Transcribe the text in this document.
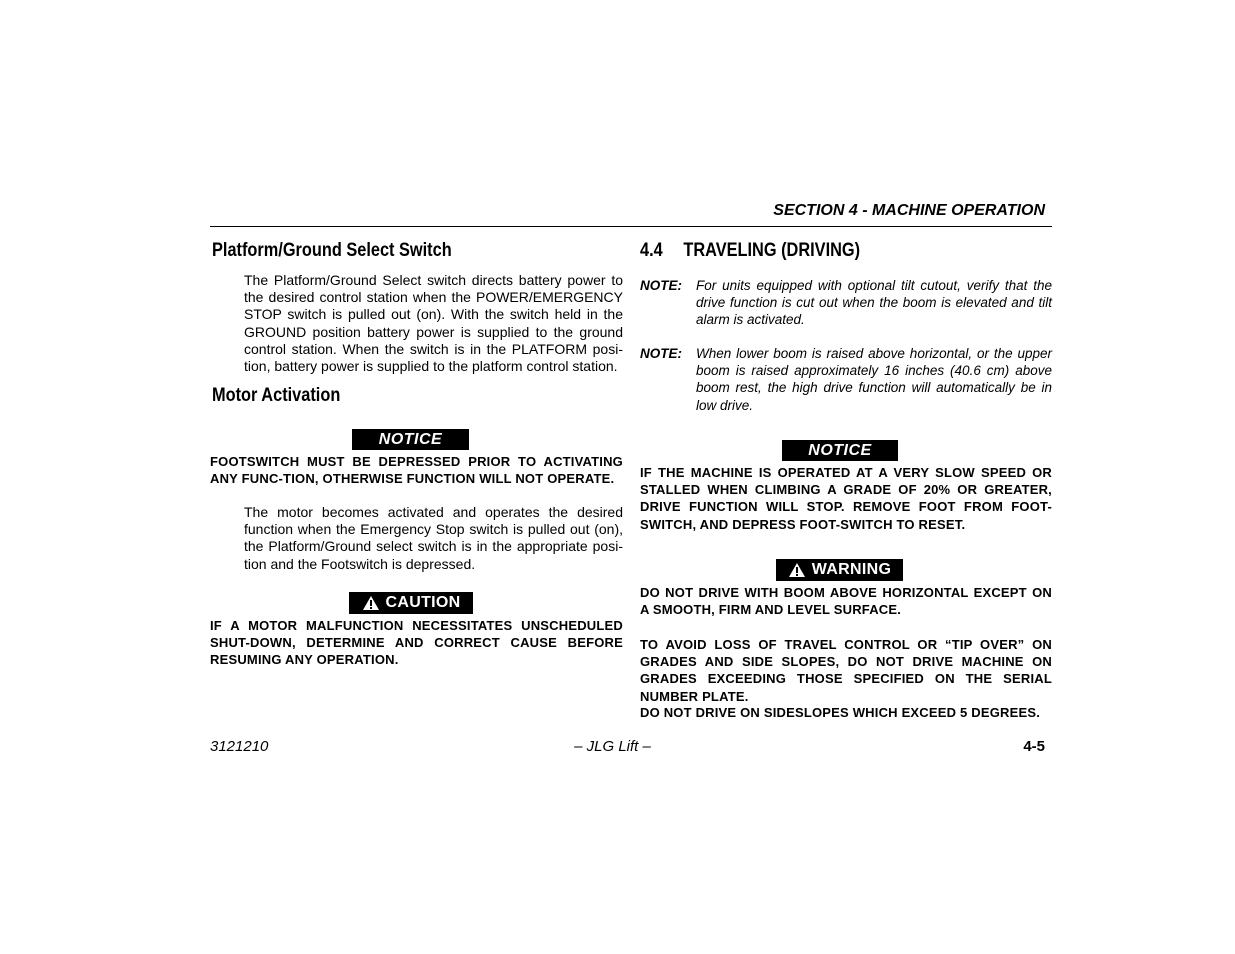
SECTION 4 - MACHINE OPERATION
Platform/Ground Select Switch
The Platform/Ground Select switch directs battery power to the desired control station when the POWER/EMERGENCY STOP switch is pulled out (on). With the switch held in the GROUND position battery power is supplied to the ground control station. When the switch is in the PLATFORM posi-tion, battery power is supplied to the platform control station.
Motor Activation
NOTICE
FOOTSWITCH MUST BE DEPRESSED PRIOR TO ACTIVATING ANY FUNC-TION, OTHERWISE FUNCTION WILL NOT OPERATE.
The motor becomes activated and operates the desired function when the Emergency Stop switch is pulled out (on), the Platform/Ground select switch is in the appropriate posi-tion and the Footswitch is depressed.
CAUTION
IF A MOTOR MALFUNCTION NECESSITATES UNSCHEDULED SHUT-DOWN, DETERMINE AND CORRECT CAUSE BEFORE RESUMING ANY OPERATION.
4.4 TRAVELING (DRIVING)
NOTE:	For units equipped with optional tilt cutout, verify that the drive function is cut out when the boom is elevated and tilt alarm is activated.
NOTE:	When lower boom is raised above horizontal, or the upper boom is raised approximately 16 inches (40.6 cm) above boom rest, the high drive function will automatically be in low drive.
NOTICE
IF THE MACHINE IS OPERATED AT A VERY SLOW SPEED OR STALLED WHEN CLIMBING A GRADE OF 20% OR GREATER, DRIVE FUNCTION WILL STOP. REMOVE FOOT FROM FOOT-SWITCH, AND DEPRESS FOOT-SWITCH TO RESET.
WARNING
DO NOT DRIVE WITH BOOM ABOVE HORIZONTAL EXCEPT ON A SMOOTH, FIRM AND LEVEL SURFACE.
TO AVOID LOSS OF TRAVEL CONTROL OR “TIP OVER” ON GRADES AND SIDE SLOPES, DO NOT DRIVE MACHINE ON GRADES EXCEEDING THOSE SPECIFIED ON THE SERIAL NUMBER PLATE.
DO NOT DRIVE ON SIDESLOPES WHICH EXCEED 5 DEGREES.
3121210	– JLG Lift –	4-5
